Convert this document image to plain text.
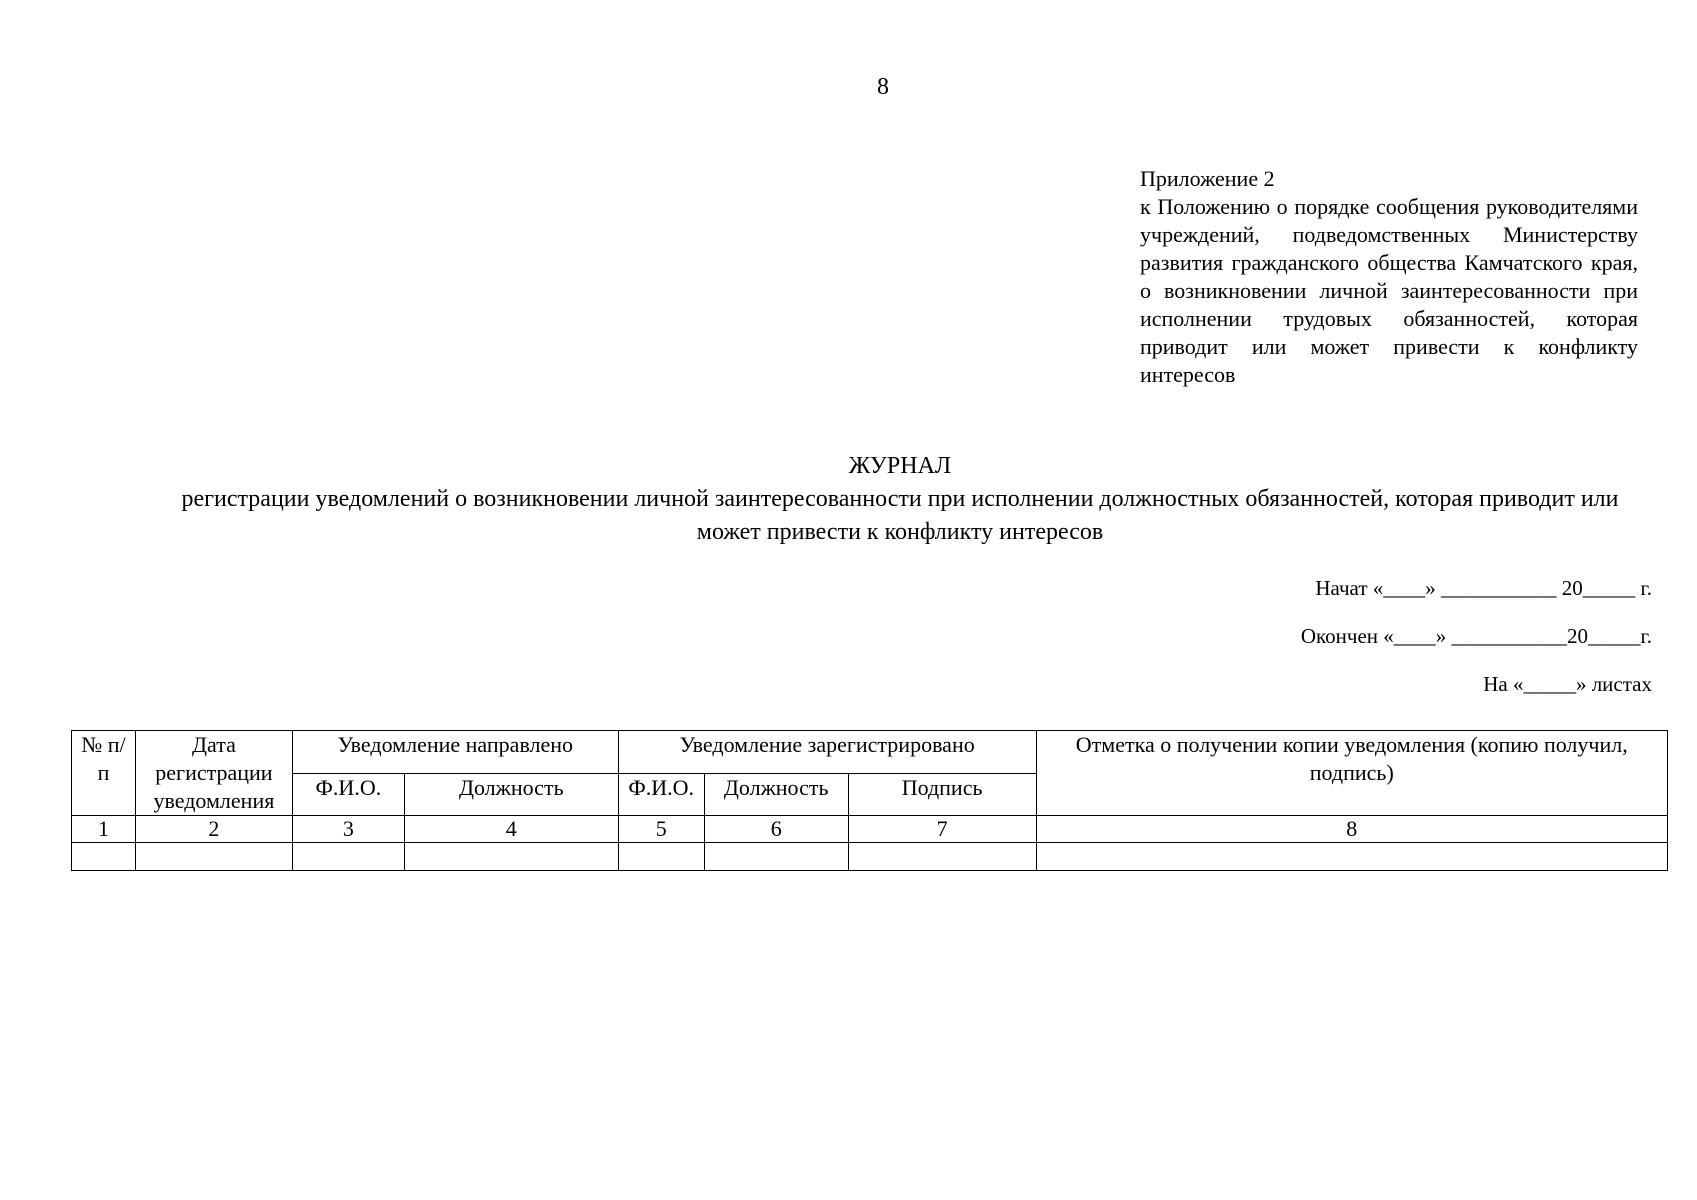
8
Приложение 2
к Положению о порядке сообщения руководителями учреждений, подведомственных Министерству развития гражданского общества Камчатского края, о возникновении личной заинтересованности при исполнении трудовых обязанностей, которая приводит или может привести к конфликту интересов
ЖУРНАЛ
регистрации уведомлений о возникновении личной заинтересованности при исполнении должностных обязанностей, которая приводит или может привести к конфликту интересов
Начат «____» ___________ 20_____ г.
Окончен «____» ___________20_____г.
На «_____» листах
№ п/п	Дата регистрации уведомления	Уведомление направлено		Уведомление зарегистрировано			Отметка о получении копии уведомления (копию получил, подпись)
		Ф.И.О.	Должность	Ф.И.О.	Должность	Подпись	
1	2	3	4	5	6	7	8
